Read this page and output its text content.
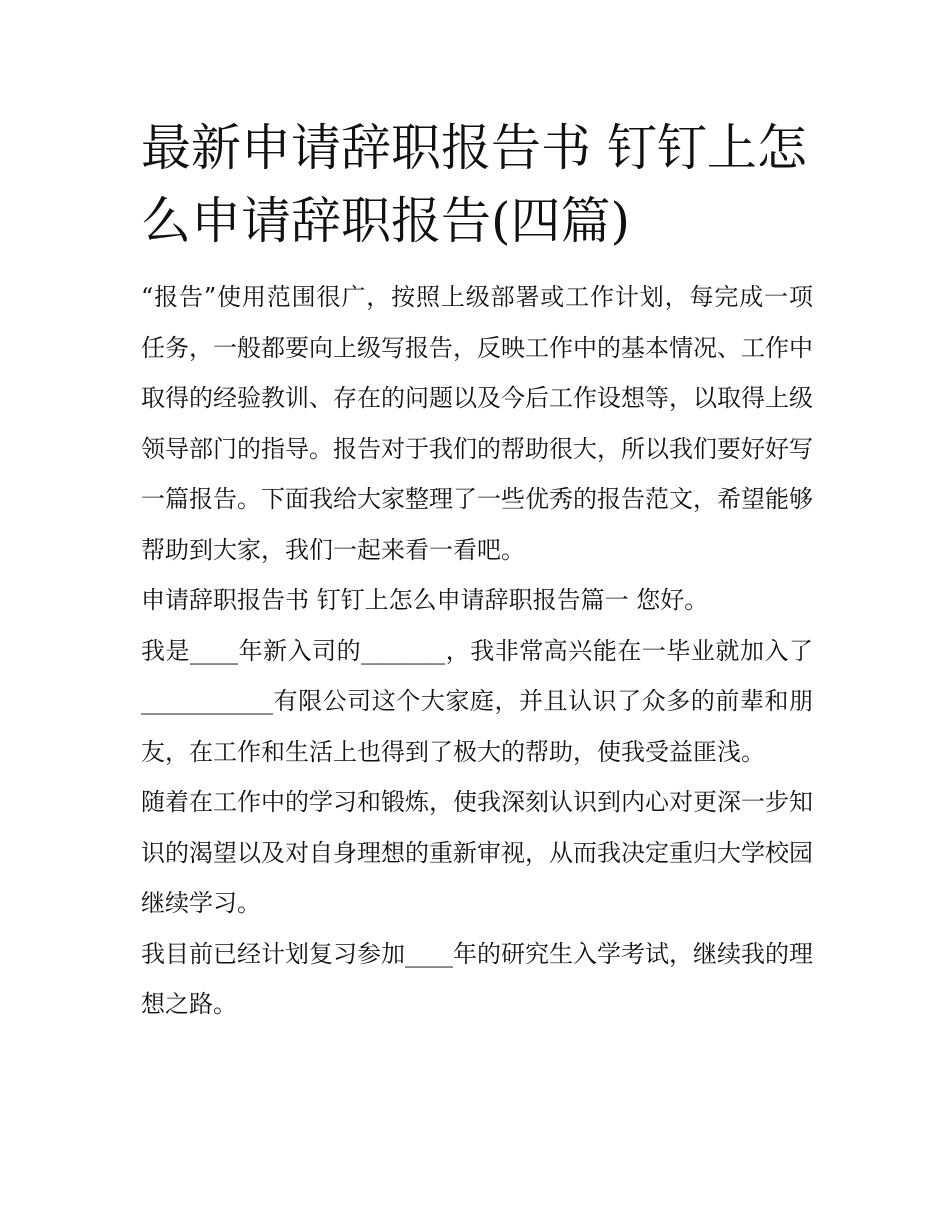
最新申请辞职报告书 钉钉上怎么申请辞职报告(四篇)

“报告”使用范围很广，按照上级部署或工作计划，每完成一项任务，一般都要向上级写报告，反映工作中的基本情况、工作中取得的经验教训、存在的问题以及今后工作设想等，以取得上级领导部门的指导。报告对于我们的帮助很大，所以我们要好好写一篇报告。下面我给大家整理了一些优秀的报告范文，希望能够帮助到大家，我们一起来看一看吧。

申请辞职报告书 钉钉上怎么申请辞职报告篇一 您好。

我是____年新入司的_______，我非常高兴能在一毕业就加入了___________有限公司这个大家庭，并且认识了众多的前辈和朋友，在工作和生活上也得到了极大的帮助，使我受益匪浅。

随着在工作中的学习和锻炼，使我深刻认识到内心对更深一步知识的渴望以及对自身理想的重新审视，从而我决定重归大学校园继续学习。

我目前已经计划复习参加____年的研究生入学考试，继续我的理想之路。
